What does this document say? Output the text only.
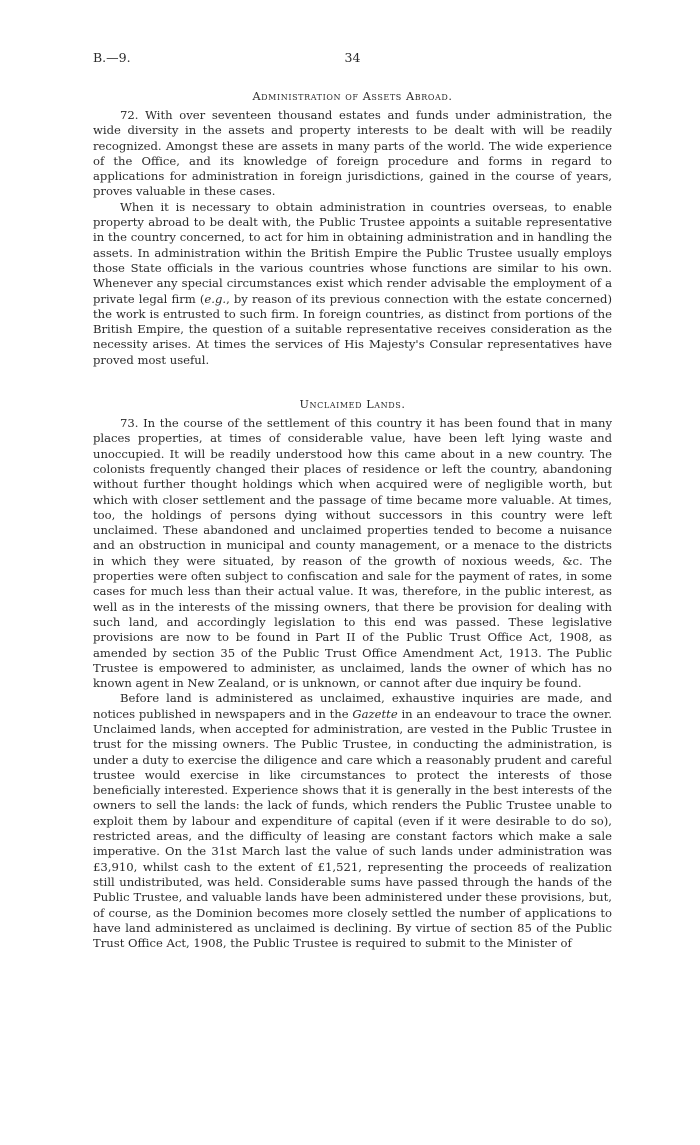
B.—9.	34
Administration of Assets Abroad.

72. With over seventeen thousand estates and funds under administration, the wide diversity in the assets and property interests to be dealt with will be readily recognized. Amongst these are assets in many parts of the world. The wide experience of the Office, and its knowledge of foreign procedure and forms in regard to applications for administration in foreign jurisdictions, gained in the course of years, proves valuable in these cases.

When it is necessary to obtain administration in countries overseas, to enable property abroad to be dealt with, the Public Trustee appoints a suitable representative in the country concerned, to act for him in obtaining administration and in handling the assets. In administration within the British Empire the Public Trustee usually employs those State officials in the various countries whose functions are similar to his own. Whenever any special circumstances exist which render advisable the employment of a private legal firm (e.g., by reason of its previous connection with the estate concerned) the work is entrusted to such firm. In foreign countries, as distinct from portions of the British Empire, the question of a suitable representative receives consideration as the necessity arises. At times the services of His Majesty's Consular representatives have proved most useful.

Unclaimed Lands.

73. In the course of the settlement of this country it has been found that in many places properties, at times of considerable value, have been left lying waste and unoccupied. It will be readily understood how this came about in a new country. The colonists frequently changed their places of residence or left the country, abandoning without further thought holdings which when acquired were of negligible worth, but which with closer settlement and the passage of time became more valuable. At times, too, the holdings of persons dying without successors in this country were left unclaimed. These abandoned and unclaimed properties tended to become a nuisance and an obstruction in municipal and county management, or a menace to the districts in which they were situated, by reason of the growth of noxious weeds, &c. The properties were often subject to confiscation and sale for the payment of rates, in some cases for much less than their actual value. It was, therefore, in the public interest, as well as in the interests of the missing owners, that there be provision for dealing with such land, and accordingly legislation to this end was passed. These legislative provisions are now to be found in Part II of the Public Trust Office Act, 1908, as amended by section 35 of the Public Trust Office Amendment Act, 1913. The Public Trustee is empowered to administer, as unclaimed, lands the owner of which has no known agent in New Zealand, or is unknown, or cannot after due inquiry be found.

Before land is administered as unclaimed, exhaustive inquiries are made, and notices published in newspapers and in the Gazette in an endeavour to trace the owner. Unclaimed lands, when accepted for administration, are vested in the Public Trustee in trust for the missing owners. The Public Trustee, in conducting the administration, is under a duty to exercise the diligence and care which a reasonably prudent and careful trustee would exercise in like circumstances to protect the interests of those beneficially interested. Experience shows that it is generally in the best interests of the owners to sell the lands: the lack of funds, which renders the Public Trustee unable to exploit them by labour and expenditure of capital (even if it were desirable to do so), restricted areas, and the difficulty of leasing are constant factors which make a sale imperative. On the 31st March last the value of such lands under administration was £3,910, whilst cash to the extent of £1,521, representing the proceeds of realization still undistributed, was held. Considerable sums have passed through the hands of the Public Trustee, and valuable lands have been administered under these provisions, but, of course, as the Dominion becomes more closely settled the number of applications to have land administered as unclaimed is declining. By virtue of section 85 of the Public Trust Office Act, 1908, the Public Trustee is required to submit to the Minister of
